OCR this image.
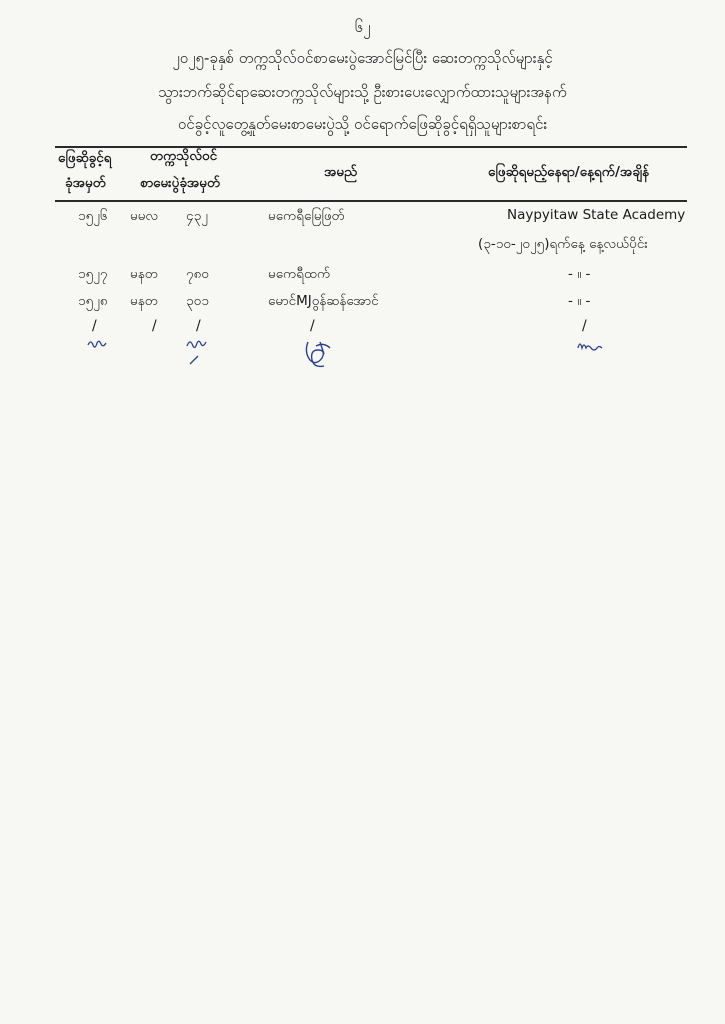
၆၂
၂၀၂၅-ခုနှစ် တက္ကသိုလ်ဝင်စာမေးပွဲအောင်မြင်ပြီး ဆေးတက္ကသိုလ်များနှင့်
သွားဘက်ဆိုင်ရာဆေးတက္ကသိုလ်များသို့ ဦးစားပေးလျှောက်ထားသူများအနက်
ဝင်ခွင့်လူတွေ့နှုတ်မေးစာမေးပွဲသို့ ဝင်ရောက်ဖြေဆိုခွင့်ရရှိသူများစာရင်း
ဖြေဆိုခွင့်ရ
ခုံအမှတ်
တက္ကသိုလ်ဝင်
စာမေးပွဲခုံအမှတ်
အမည်	ဖြေဆိုရမည့်နေရာ/နေ့ရက်/အချိန်
၁၅၂၆ မမလ ၄၃၂	မကေရီမြေဖြတ်	Naypyitaw State Academy
(၃-၁၀-၂၀၂၅)ရက်နေ့ နေ့လယ်ပိုင်း
၁၅၂၇ မနတ ၇၈၀	မကေရီထက်	- ။ -
၁၅၂၈ မနတ ၃၀၁	မောင်MJဝွန်ဆန်အောင်	- ။ -
/	/	/	/	/
